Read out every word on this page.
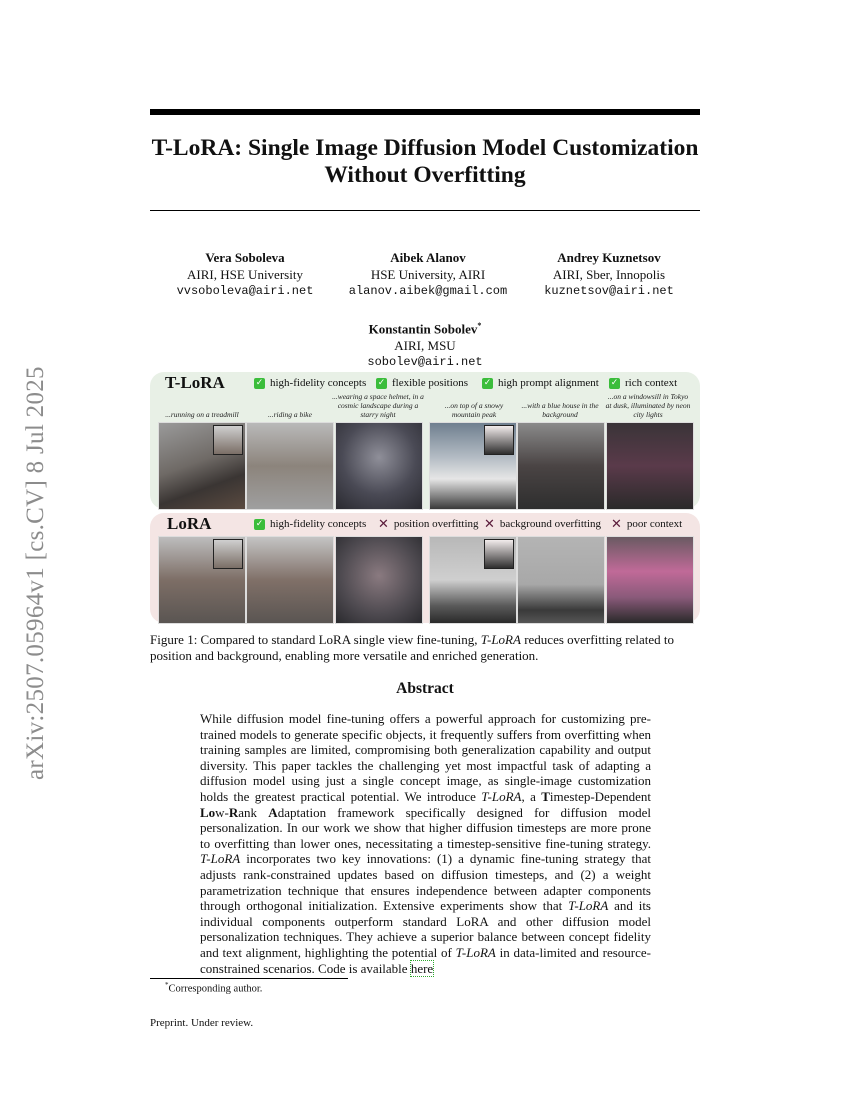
arXiv:2507.05964v1 [cs.CV] 8 Jul 2025
T-LoRA: Single Image Diffusion Model Customization
Without Overfitting
Vera Soboleva
AIRI, HSE University
vvsoboleva@airi.net
Aibek Alanov
HSE University, AIRI
alanov.aibek@gmail.com
Andrey Kuznetsov
AIRI, Sber, Innopolis
kuznetsov@airi.net
Konstantin Sobolev*
AIRI, MSU
sobolev@airi.net
T-LoRA	✓ high-fidelity concepts ✓ flexible positions ✓ high prompt alignment ✓ rich context
...running on a treadmill	...riding a bike
...wearing a space helmet, in a cosmic landscape during a starry night
...on top of a snowy mountain peak
...with a blue house in the background
...on a windowsill in Tokyo at dusk, illuminated by neon city lights
LoRA	✓ high-fidelity concepts ✕ position overfitting ✕ background overfitting ✕ poor context
Figure 1: Compared to standard LoRA single view fine-tuning, T-LoRA reduces overfitting related to position and background, enabling more versatile and enriched generation.
Abstract
While diffusion model fine-tuning offers a powerful approach for customizing pretrained models to generate specific objects, it frequently suffers from overfitting when training samples are limited, compromising both generalization capability and output diversity. This paper tackles the challenging yet most impactful task of adapting a diffusion model using just a single concept image, as single-image customization holds the greatest practical potential. We introduce T-LoRA, a Timestep-Dependent Low-Rank Adaptation framework specifically designed for diffusion model personalization. In our work we show that higher diffusion timesteps are more prone to overfitting than lower ones, necessitating a timestep-sensitive fine-tuning strategy. T-LoRA incorporates two key innovations: (1) a dynamic fine-tuning strategy that adjusts rank-constrained updates based on diffusion timesteps, and (2) a weight parametrization technique that ensures independence between adapter components through orthogonal initialization. Extensive experiments show that T-LoRA and its individual components outperform standard LoRA and other diffusion model personalization techniques. They achieve a superior balance between concept fidelity and text alignment, highlighting the potential of T-LoRA in data-limited and resource-constrained scenarios. Code is available here
*Corresponding author.
Preprint. Under review.
